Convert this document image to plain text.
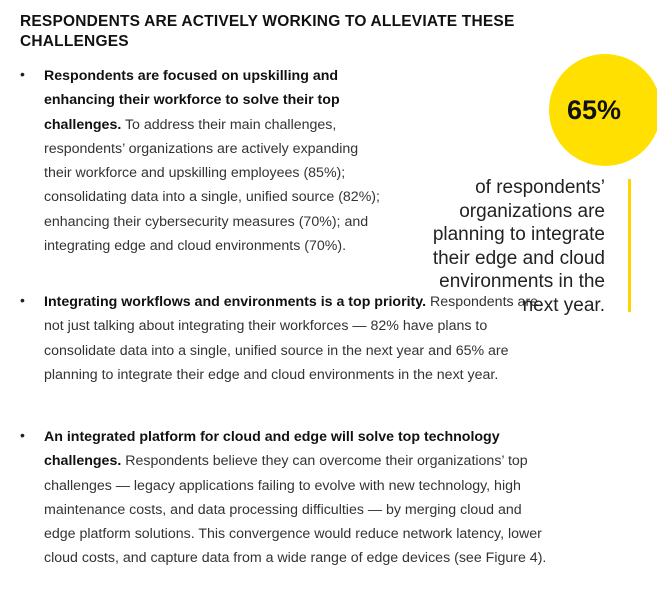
RESPONDENTS ARE ACTIVELY WORKING TO ALLEVIATE THESE CHALLENGES
• Respondents are focused on upskilling and enhancing their workforce to solve their top challenges. To address their main challenges, respondents’ organizations are actively expanding their workforce and upskilling employees (85%); consolidating data into a single, unified source (82%); enhancing their cybersecurity measures (70%); and integrating edge and cloud environments (70%).

• Integrating workflows and environments is a top priority. Respondents are not just talking about integrating their workforces — 82% have plans to consolidate data into a single, unified source in the next year and 65% are planning to integrate their edge and cloud environments in the next year.

• An integrated platform for cloud and edge will solve top technology challenges. Respondents believe they can overcome their organizations’ top challenges — legacy applications failing to evolve with new technology, high maintenance costs, and data processing difficulties — by merging cloud and edge platform solutions. This convergence would reduce network latency, lower cloud costs, and capture data from a wide range of edge devices (see Figure 4).

65%

of respondents’ organizations are planning to integrate their edge and cloud environments in the next year.
